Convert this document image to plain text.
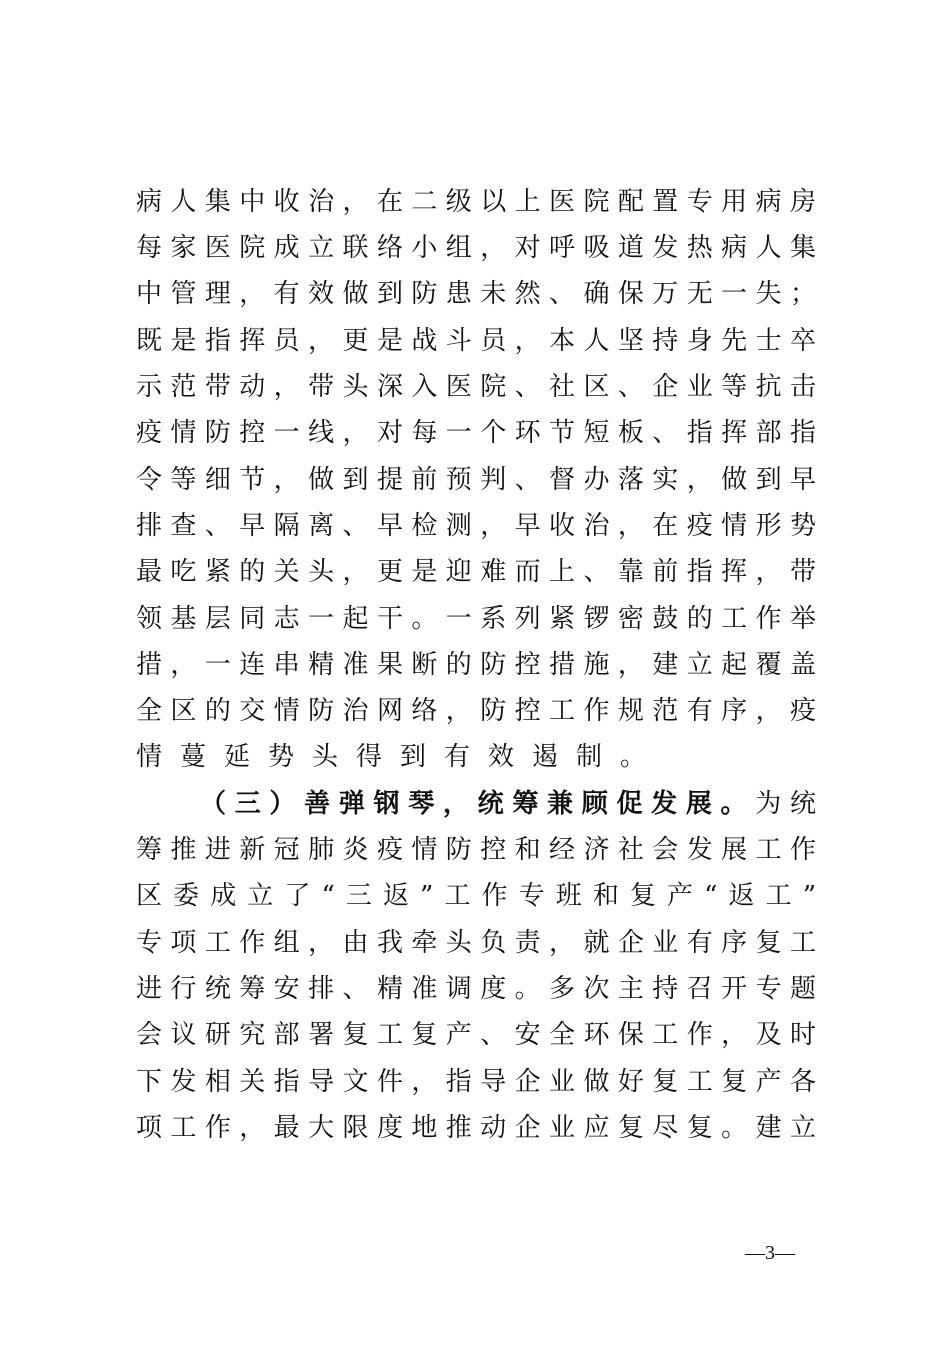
病人集中收治，在二级以上医院配置专用病房
每家医院成立联络小组，对呼吸道发热病人集
中管理，有效做到防患未然、确保万无一失；
既是指挥员，更是战斗员，本人坚持身先士卒
示范带动，带头深入医院、社区、企业等抗击
疫情防控一线，对每一个环节短板、指挥部指
令等细节，做到提前预判、督办落实，做到早
排查、早隔离、早检测，早收治，在疫情形势
最吃紧的关头，更是迎难而上、靠前指挥，带
领基层同志一起干。一系列紧锣密鼓的工作举
措，一连串精准果断的防控措施，建立起覆盖
全区的交情防治网络，防控工作规范有序，疫
情蔓延势头得到有效遏制。
（三）善弹钢琴，统筹兼顾促发展。为统
筹推进新冠肺炎疫情防控和经济社会发展工作
区委成立了“三返”工作专班和复产“返工”
专项工作组，由我牵头负责，就企业有序复工
进行统筹安排、精准调度。多次主持召开专题
会议研究部署复工复产、安全环保工作，及时
下发相关指导文件，指导企业做好复工复产各
项工作，最大限度地推动企业应复尽复。建立
—3—
